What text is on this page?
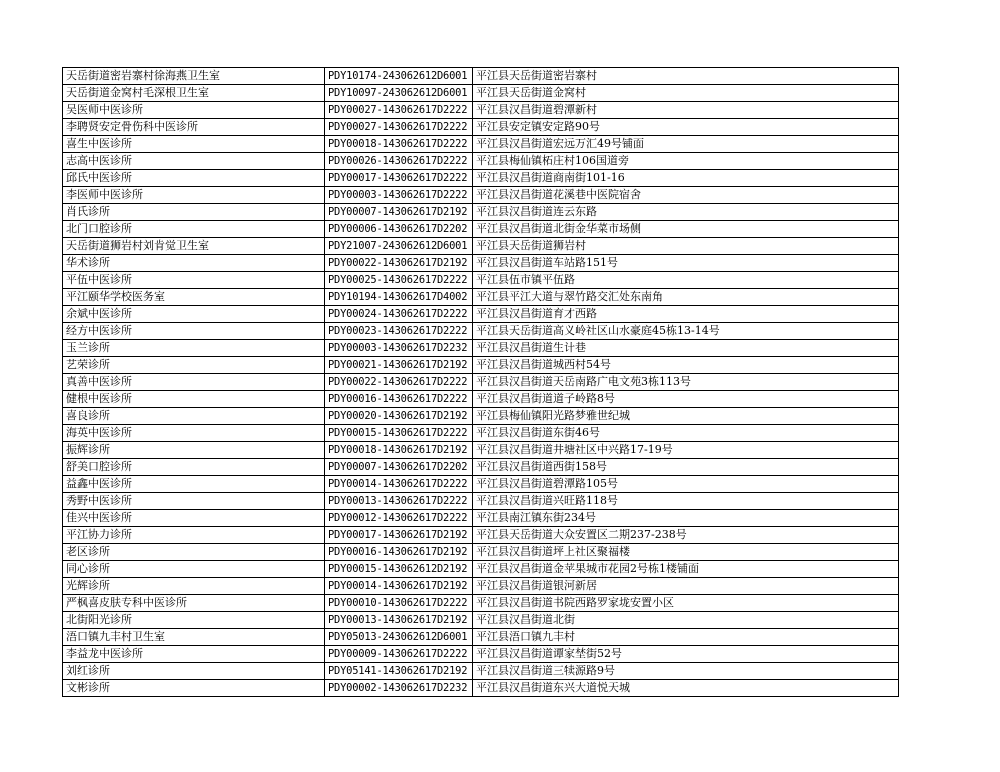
天岳街道密岩寨村徐海燕卫生室	PDY10174-243062612D6001	平江县天岳街道密岩寨村
天岳街道金窝村毛深根卫生室	PDY10097-243062612D6001	平江县天岳街道金窝村
吴医师中医诊所	PDY00027-143062617D2222	平江县汉昌街道碧潭新村
李聘贤安定骨伤科中医诊所	PDY00027-143062617D2222	平江县安定镇安定路90号
喜生中医诊所	PDY00018-143062617D2222	平江县汉昌街道宏远万汇49号铺面
志高中医诊所	PDY00026-143062617D2222	平江县梅仙镇柘庄村106国道旁
邱氏中医诊所	PDY00017-143062617D2222	平江县汉昌街道商南街101-16
李医师中医诊所	PDY00003-143062617D2222	平江县汉昌街道花溪巷中医院宿舍
肖氏诊所	PDY00007-143062617D2192	平江县汉昌街道连云东路
北门口腔诊所	PDY00006-143062617D2202	平江县汉昌街道北街金华菜市场侧
天岳街道狮岩村刘肯觉卫生室	PDY21007-243062612D6001	平江县天岳街道狮岩村
华术诊所	PDY00022-143062617D2192	平江县汉昌街道车站路151号
平伍中医诊所	PDY00025-143062617D2222	平江县伍市镇平伍路
平江颐华学校医务室	PDY10194-143062617D4002	平江县平江大道与翠竹路交汇处东南角
余斌中医诊所	PDY00024-143062617D2222	平江县汉昌街道育才西路
经方中医诊所	PDY00023-143062617D2222	平江县天岳街道高义岭社区山水豪庭45栋13-14号
玉兰诊所	PDY00003-143062617D2232	平江县汉昌街道生计巷
艺荣诊所	PDY00021-143062617D2192	平江县汉昌街道城西村54号
真善中医诊所	PDY00022-143062617D2222	平江县汉昌街道天岳南路广电文苑3栋113号
健根中医诊所	PDY00016-143062617D2222	平江县汉昌街道道子岭路8号
喜良诊所	PDY00020-143062617D2192	平江县梅仙镇阳光路梦雅世纪城
海英中医诊所	PDY00015-143062617D2222	平江县汉昌街道东街46号
振辉诊所	PDY00018-143062617D2192	平江县汉昌街道井塘社区中兴路17-19号
舒美口腔诊所	PDY00007-143062617D2202	平江县汉昌街道西街158号
益鑫中医诊所	PDY00014-143062617D2222	平江县汉昌街道碧潭路105号
秀野中医诊所	PDY00013-143062617D2222	平江县汉昌街道兴旺路118号
佳兴中医诊所	PDY00012-143062617D2222	平江县南江镇东街234号
平江协力诊所	PDY00017-143062617D2192	平江县天岳街道大众安置区二期237-238号
老区诊所	PDY00016-143062617D2192	平江县汉昌街道坪上社区聚福楼
同心诊所	PDY00015-143062612D2192	平江县汉昌街道金苹果城市花园2号栋1楼铺面
光辉诊所	PDY00014-143062617D2192	平江县汉昌街道银河新居
严枫喜皮肤专科中医诊所	PDY00010-143062617D2222	平江县汉昌街道书院西路罗家垅安置小区
北街阳光诊所	PDY00013-143062617D2192	平江县汉昌街道北街
浯口镇九丰村卫生室	PDY05013-243062612D6001	平江县浯口镇九丰村
李益龙中医诊所	PDY00009-143062617D2222	平江县汉昌街道谭家埜街52号
刘红诊所	PDY05141-143062617D2192	平江县汉昌街道三犊源路9号
文彬诊所	PDY00002-143062617D2232	平江县汉昌街道东兴大道悦天城
